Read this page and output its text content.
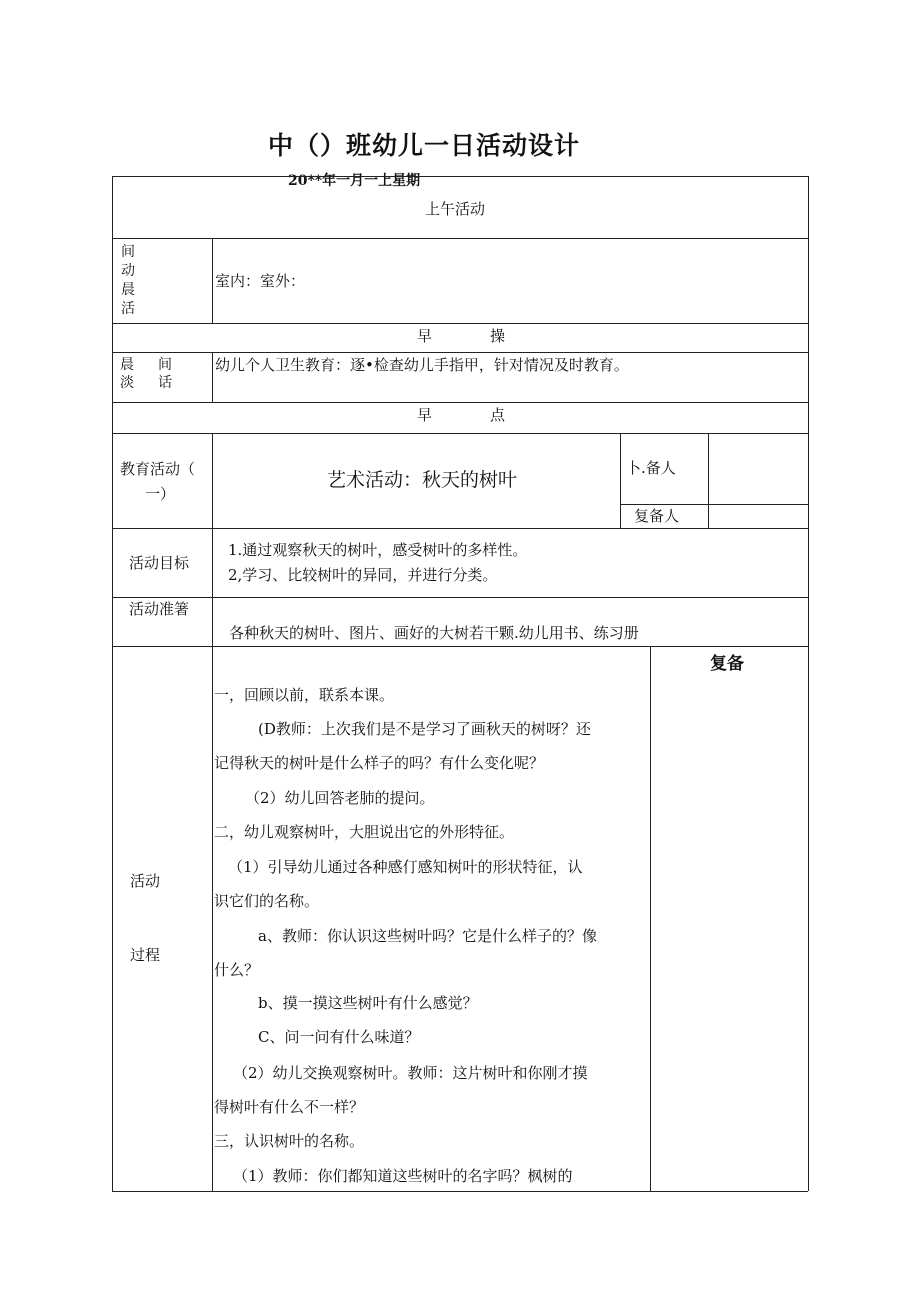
中（）班幼儿一日活动设计
20**年一月一上星期
上午活动
间
动
晨
活
室内：室外：
早	操
晨 间
淡 话
幼儿个人卫生教育：逐•检查幼儿手指甲，针对情况及时教育。
早	点
教育活动（
一）
艺术活动：秋天的树叶
卜.备人
复备人
活动目标
1.通过观察秋天的树叶，感受树叶的多样性。
2,学习、比较树叶的异同，并进行分类。
活动准箸
各种秋天的树叶、图片、画好的大树若干颗.幼儿用书、练习册
活动
过程
复备
一，回顾以前，联系本课。
(D教师：上次我们是不是学习了画秋天的树呀？还
记得秋天的树叶是什么样子的吗？有什么变化呢？
（2）幼儿回答老肺的提问。
二，幼儿观察树叶，大胆说出它的外形特征。
（1）引导幼儿通过各种感仃感知树叶的形状特征，认
识它们的名称。
a、教师：你认识这些树叶吗？它是什么样子的？像
什么？
b、摸一摸这些树叶有什么感觉？
C、问一问有什么味道？
（2）幼儿交换观察树叶。教师：这片树叶和你刚才摸
得树叶有什么不一样？
三，认识树叶的名称。
（1）教师：你们都知道这些树叶的名字吗？枫树的
